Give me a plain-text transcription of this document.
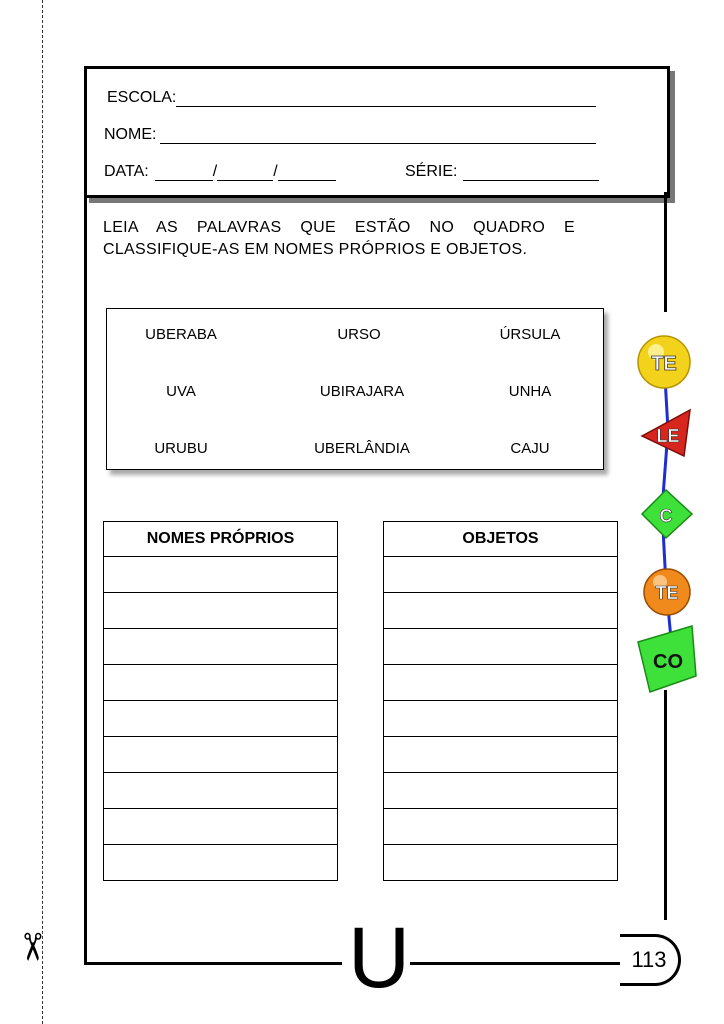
✂
ESCOLA:
NOME:
DATA:	/	/	SÉRIE:
U	113
LEIA AS PALAVRAS QUE ESTÃO NO QUADRO E CLASSIFIQUE-AS EM NOMES PRÓPRIOS E OBJETOS.
UBERABA	URSO	ÚRSULA
UVA	UBIRAJARA	UNHA
URUBU	UBERLÂNDIA	CAJU
NOMES PRÓPRIOS	OBJETOS
TE
LE
C
TE
CO
